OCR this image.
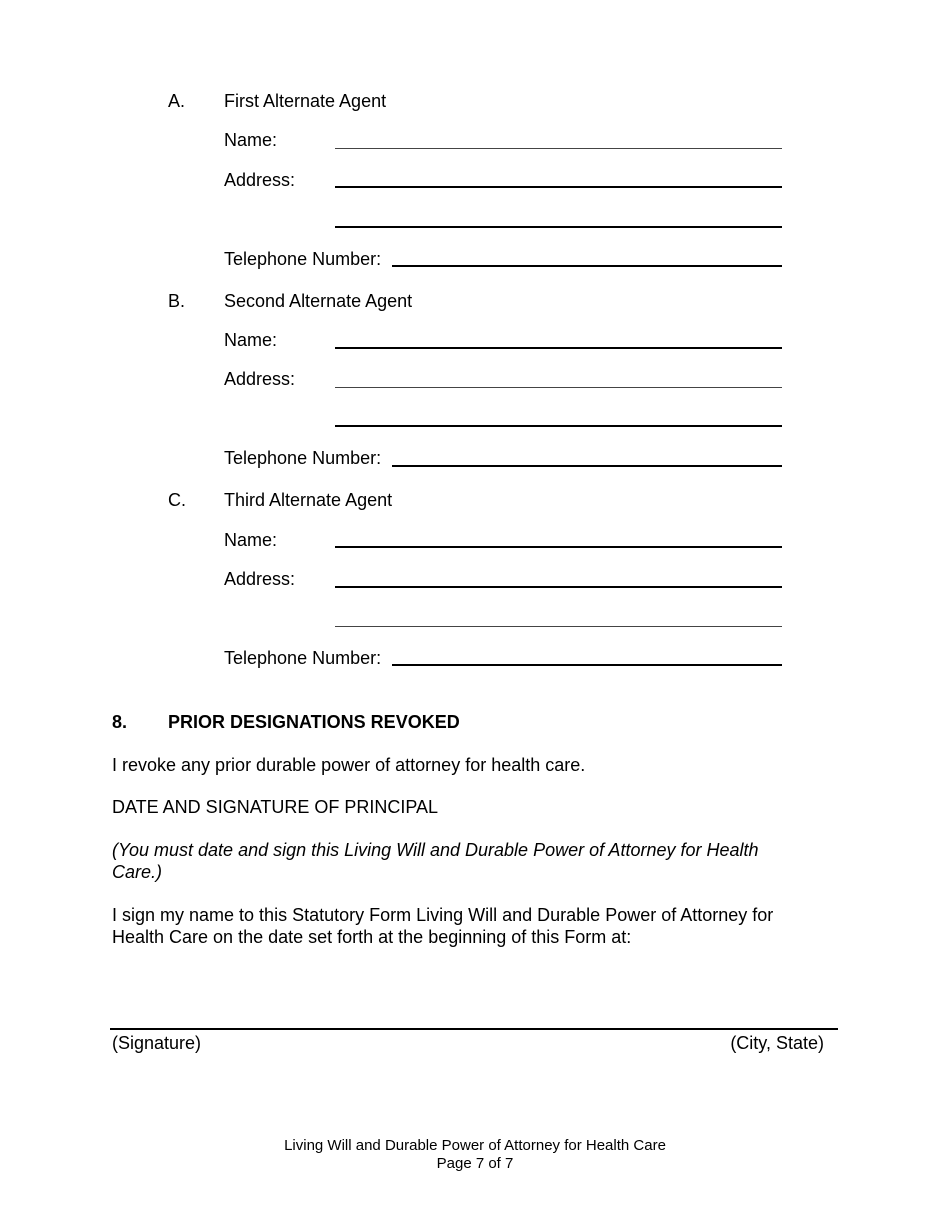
A. First Alternate Agent
Name:
Address:
Telephone Number:
B. Second Alternate Agent
Name:
Address:
Telephone Number:
C. Third Alternate Agent
Name:
Address:
Telephone Number:
8. PRIOR DESIGNATIONS REVOKED
I revoke any prior durable power of attorney for health care.
DATE AND SIGNATURE OF PRINCIPAL
(You must date and sign this Living Will and Durable Power of Attorney for Health
Care.)
I sign my name to this Statutory Form Living Will and Durable Power of Attorney for
Health Care on the date set forth at the beginning of this Form at:
(Signature)	(City, State)
Living Will and Durable Power of Attorney for Health Care
Page 7 of 7
